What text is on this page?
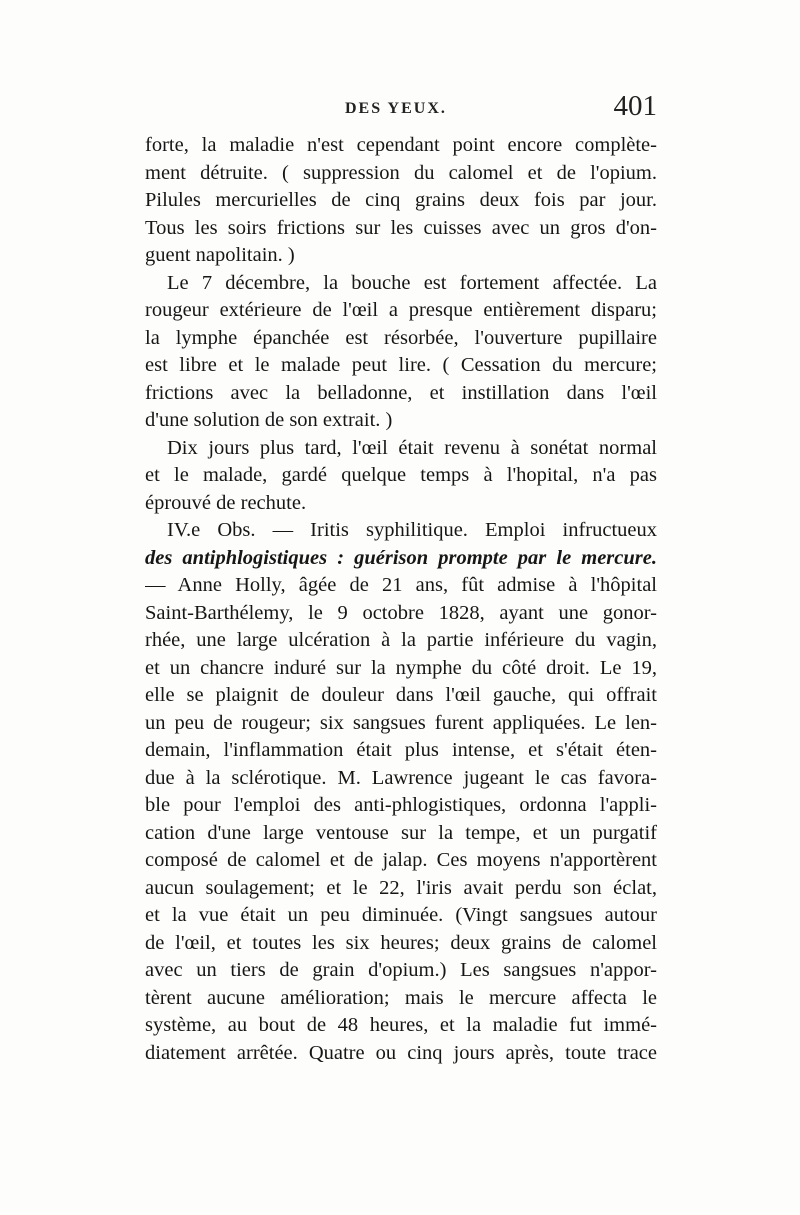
DES YEUX.	401
forte, la maladie n'est cependant point encore complète-
ment détruite. ( suppression du calomel et de l'opium.
Pilules mercurielles de cinq grains deux fois par jour.
Tous les soirs frictions sur les cuisses avec un gros d'on-
guent napolitain. )
Le 7 décembre, la bouche est fortement affectée. La
rougeur extérieure de l'œil a presque entièrement disparu;
la lymphe épanchée est résorbée, l'ouverture pupillaire
est libre et le malade peut lire. ( Cessation du mercure;
frictions avec la belladonne, et instillation dans l'œil
d'une solution de son extrait. )
Dix jours plus tard, l'œil était revenu à sonétat normal
et le malade, gardé quelque temps à l'hopital, n'a pas
éprouvé de rechute.
IV.e Obs. — Iritis syphilitique. Emploi infructueux
des antiphlogistiques : guérison prompte par le mercure.
— Anne Holly, âgée de 21 ans, fût admise à l'hôpital
Saint-Barthélemy, le 9 octobre 1828, ayant une gonor-
rhée, une large ulcération à la partie inférieure du vagin,
et un chancre induré sur la nymphe du côté droit. Le 19,
elle se plaignit de douleur dans l'œil gauche, qui offrait
un peu de rougeur; six sangsues furent appliquées. Le len-
demain, l'inflammation était plus intense, et s'était éten-
due à la sclérotique. M. Lawrence jugeant le cas favora-
ble pour l'emploi des anti-phlogistiques, ordonna l'appli-
cation d'une large ventouse sur la tempe, et un purgatif
composé de calomel et de jalap. Ces moyens n'apportèrent
aucun soulagement; et le 22, l'iris avait perdu son éclat,
et la vue était un peu diminuée. (Vingt sangsues autour
de l'œil, et toutes les six heures; deux grains de calomel
avec un tiers de grain d'opium.) Les sangsues n'appor-
tèrent aucune amélioration; mais le mercure affecta le
système, au bout de 48 heures, et la maladie fut immé-
diatement arrêtée. Quatre ou cinq jours après, toute trace
